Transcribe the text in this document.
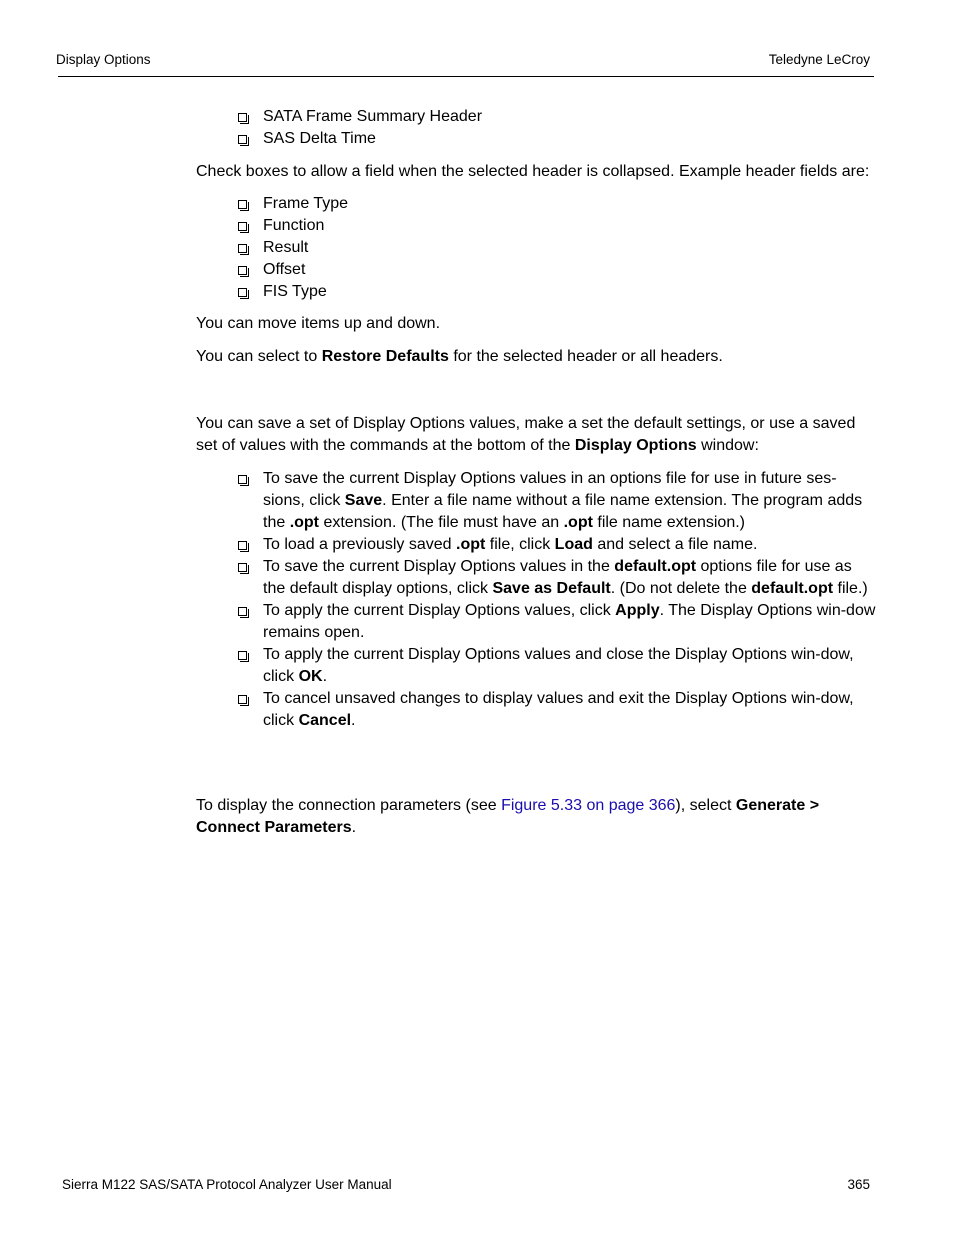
Display Options	Teledyne LeCroy
SATA Frame Summary Header
SAS Delta Time

Check boxes to allow a field when the selected header is collapsed. Example header fields are:

Frame Type
Function
Result
Offset
FIS Type

You can move items up and down.

You can select to Restore Defaults for the selected header or all headers.

You can save a set of Display Options values, make a set the default settings, or use a saved set of values with the commands at the bottom of the Display Options window:

To save the current Display Options values in an options file for use in future ses-sions, click Save. Enter a file name without a file name extension. The program adds the .opt extension. (The file must have an .opt file name extension.)
To load a previously saved .opt file, click Load and select a file name.
To save the current Display Options values in the default.opt options file for use as the default display options, click Save as Default. (Do not delete the default.opt file.)
To apply the current Display Options values, click Apply. The Display Options win-dow remains open.
To apply the current Display Options values and close the Display Options win-dow, click OK.
To cancel unsaved changes to display values and exit the Display Options win-dow, click Cancel.

To display the connection parameters (see Figure 5.33 on page 366), select Generate > Connect Parameters.

Sierra M122 SAS/SATA Protocol Analyzer User Manual	365
